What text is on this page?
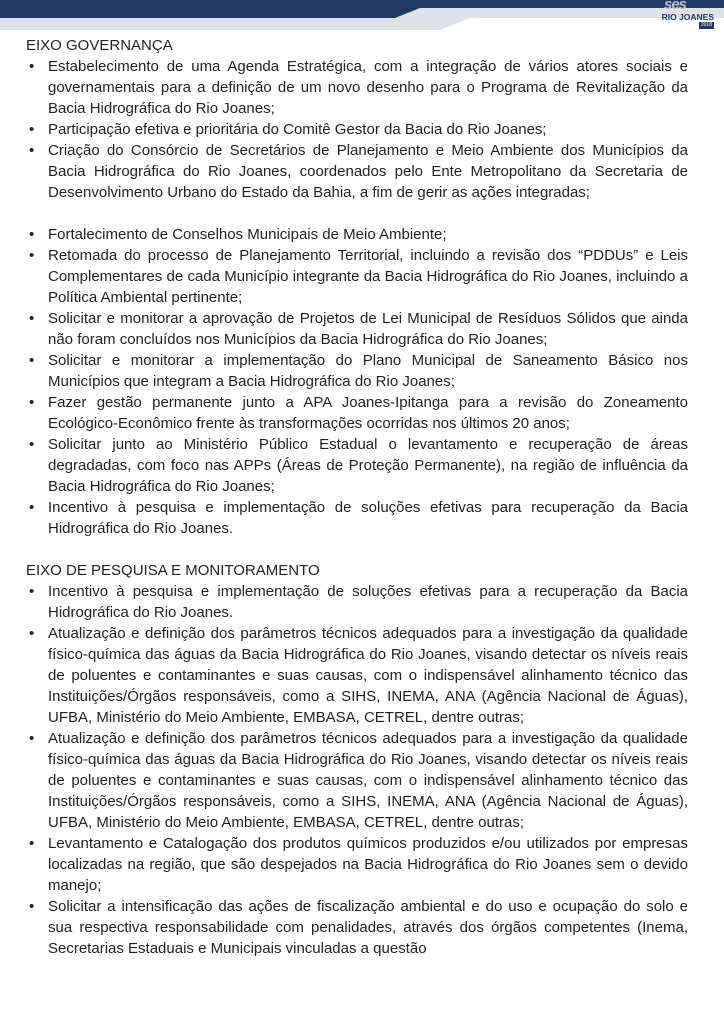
ses
RIO JOANES
2018
EIXO GOVERNANÇA
• Estabelecimento de uma Agenda Estratégica, com a integração de vários atores sociais e governamentais para a definição de um novo desenho para o Programa de Revitalização da Bacia Hidrográfica do Rio Joanes;
• Participação efetiva e prioritária do Comitê Gestor da Bacia do Rio Joanes;
• Criação do Consórcio de Secretários de Planejamento e Meio Ambiente dos Municípios da Bacia Hidrográfica do Rio Joanes, coordenados pelo Ente Metropolitano da Secretaria de Desenvolvimento Urbano do Estado da Bahia, a fim de gerir as ações integradas;
• Fortalecimento de Conselhos Municipais de Meio Ambiente;
• Retomada do processo de Planejamento Territorial, incluindo a revisão dos “PDDUs” e Leis Complementares de cada Município integrante da Bacia Hidrográfica do Rio Joanes, incluindo a Política Ambiental pertinente;
• Solicitar e monitorar a aprovação de Projetos de Lei Municipal de Resíduos Sólidos que ainda não foram concluídos nos Municípios da Bacia Hidrográfica do Rio Joanes;
• Solicitar e monitorar a implementação do Plano Municipal de Saneamento Básico nos Municípios que integram a Bacia Hidrográfica do Rio Joanes;
• Fazer gestão permanente junto a APA Joanes-Ipitanga para a revisão do Zoneamento Ecológico-Econômico frente às transformações ocorridas nos últimos 20 anos;
• Solicitar junto ao Ministério Público Estadual o levantamento e recuperação de áreas degradadas, com foco nas APPs (Áreas de Proteção Permanente), na região de influência da Bacia Hidrográfica do Rio Joanes;
• Incentivo à pesquisa e implementação de soluções efetivas para recuperação da Bacia Hidrográfica do Rio Joanes.
EIXO DE PESQUISA E MONITORAMENTO
• Incentivo à pesquisa e implementação de soluções efetivas para a recuperação da Bacia Hidrográfica do Rio Joanes.
• Atualização e definição dos parâmetros técnicos adequados para a investigação da qualidade físico-química das águas da Bacia Hidrográfica do Rio Joanes, visando detectar os níveis reais de poluentes e contaminantes e suas causas, com o indispensável alinhamento técnico das Instituições/Órgãos responsáveis, como a SIHS, INEMA, ANA (Agência Nacional de Águas), UFBA, Ministério do Meio Ambiente, EMBASA, CETREL, dentre outras;
• Atualização e definição dos parâmetros técnicos adequados para a investigação da qualidade físico-química das águas da Bacia Hidrográfica do Rio Joanes, visando detectar os níveis reais de poluentes e contaminantes e suas causas, com o indispensável alinhamento técnico das Instituições/Órgãos responsáveis, como a SIHS, INEMA, ANA (Agência Nacional de Águas), UFBA, Ministério do Meio Ambiente, EMBASA, CETREL, dentre outras;
• Levantamento e Catalogação dos produtos químicos produzidos e/ou utilizados por empresas localizadas na região, que são despejados na Bacia Hidrográfica do Rio Joanes sem o devido manejo;
• Solicitar a intensificação das ações de fiscalização ambiental e do uso e ocupação do solo e sua respectiva responsabilidade com penalidades, através dos órgãos competentes (Inema, Secretarias Estaduais e Municipais vinculadas a questão
